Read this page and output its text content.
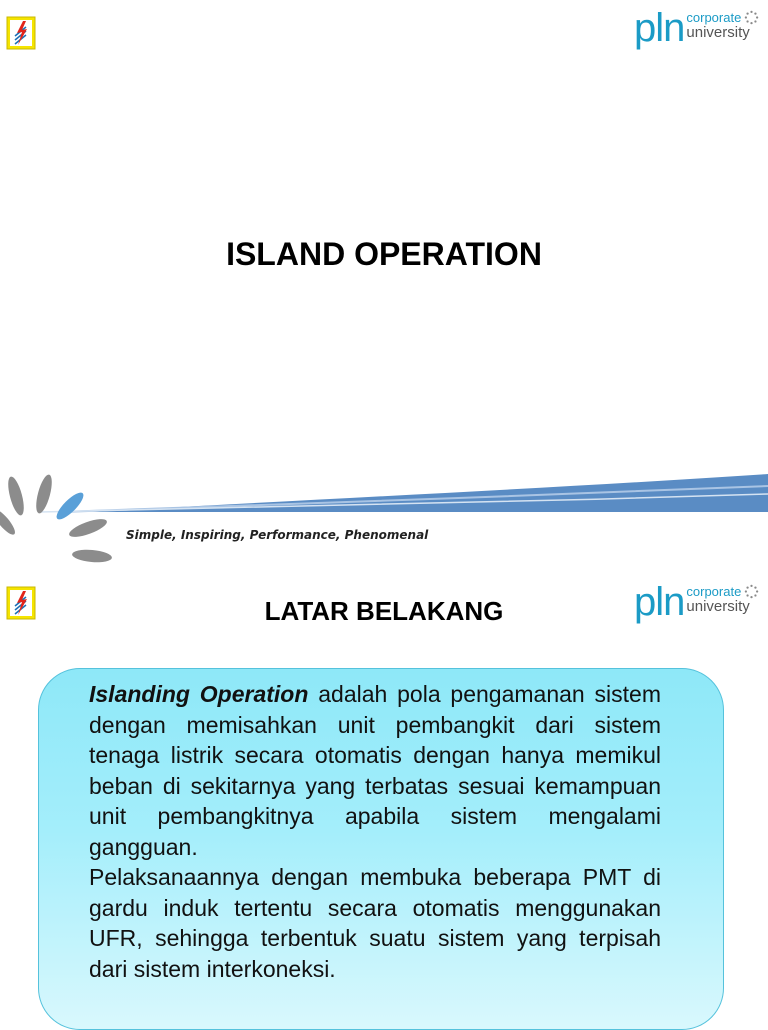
pln corporate
university
ISLAND OPERATION
Simple, Inspiring, Performance, Phenomenal
pln corporate
university
LATAR BELAKANG

Islanding Operation adalah pola pengamanan sistem dengan memisahkan unit pembangkit dari sistem tenaga listrik secara otomatis dengan hanya memikul beban di sekitarnya yang terbatas sesuai kemampuan unit pembangkitnya apabila sistem mengalami gangguan.

Pelaksanaannya dengan membuka beberapa PMT di gardu induk tertentu secara otomatis menggunakan UFR, sehingga terbentuk suatu sistem yang terpisah dari sistem interkoneksi.
